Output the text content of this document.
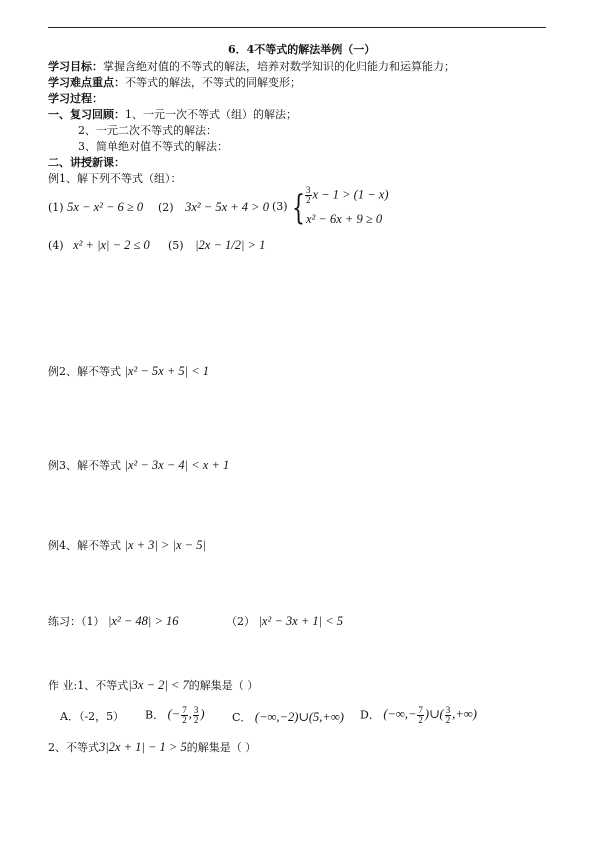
6．4不等式的解法举例（一）
学习目标：掌握含绝对值的不等式的解法，培养对数学知识的化归能力和运算能力；
学习难点重点：不等式的解法，不等式的同解变形；
学习过程：
一、复习回顾：1、一元一次不等式（组）的解法；
2、一元二次不等式的解法：
3、简单绝对值不等式的解法：
二、讲授新课：
例1、解下列不等式（组）：
(1) 5x − x² − 6 ≥ 0 (2) 3x² − 5x + 4 > 0 (3) { $\frac{3}{2}$ x − 1 > (1 − x)
x² − 6x + 9 ≥ 0
(4) x² + |x| − 2 ≤ 0 (5) |2x − 1/2| > 1
例2、解不等式 |x² − 5x + 5| < 1
例3、解不等式 |x² − 3x − 4| < x + 1
例4、解不等式 |x + 3| > |x − 5|
练习：（1） |x² − 48| > 16	（2） |x² − 3x + 1| < 5
作 业:1、不等式|3x − 2| < 7的解集是（ ）
A．（-2，5） B． (− $\frac{7}{2}$ , $\frac{3}{2}$ )	C． (−∞,−2)∪(5,+∞) D． (−∞,− $\frac{7}{2}$ )∪( $\frac{3}{2}$ ,+∞)
2、不等式3|2x + 1| − 1 > 5的解集是（ ）
